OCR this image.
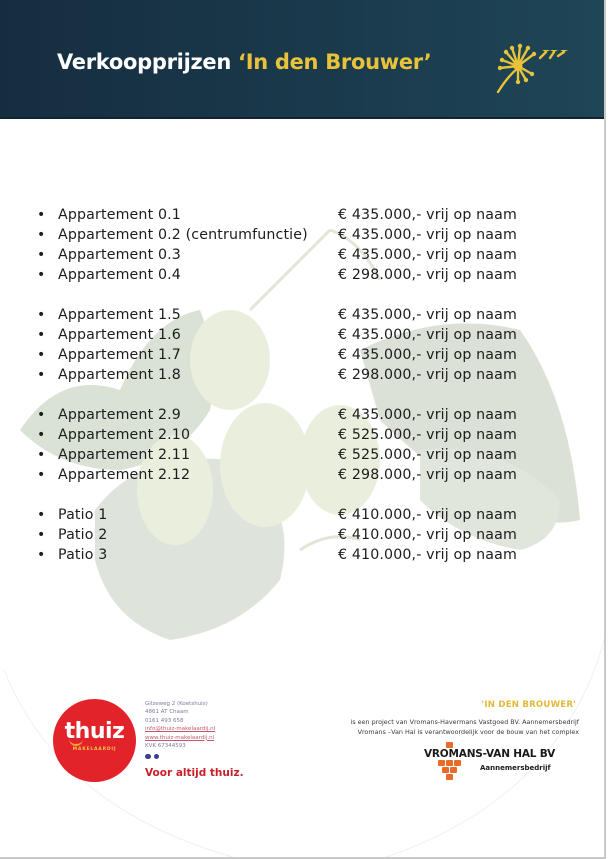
Verkoopprijzen ‘In den Brouwer’
• Appartement 0.1	€ 435.000,- vrij op naam
• Appartement 0.2 (centrumfunctie)	€ 435.000,- vrij op naam
• Appartement 0.3	€ 435.000,- vrij op naam
• Appartement 0.4	€ 298.000,- vrij op naam
• Appartement 1.5	€ 435.000,- vrij op naam
• Appartement 1.6	€ 435.000,- vrij op naam
• Appartement 1.7	€ 435.000,- vrij op naam
• Appartement 1.8	€ 298.000,- vrij op naam
• Appartement 2.9	€ 435.000,- vrij op naam
• Appartement 2.10	€ 525.000,- vrij op naam
• Appartement 2.11	€ 525.000,- vrij op naam
• Appartement 2.12	€ 298.000,- vrij op naam
• Patio 1	€ 410.000,- vrij op naam
• Patio 2	€ 410.000,- vrij op naam
• Patio 3	€ 410.000,- vrij op naam
thuiz
MAKELAARDIJ
Gilzeweg 2 (Koetshuis)
4861 AT Chaam
0161 493 658
info@thuiz-makelaardij.nl
www.thuiz-makelaardij.nl
KVK 67344593
Voor altijd thuiz.
'IN DEN BROUWER'
is een project van Vromans-Havermans Vastgoed BV. Aannemersbedrijf
Vromans –Van Hal is verantwoordelijk voor de bouw van het complex
VROMANS-VAN HAL BV
Aannemersbedrijf
